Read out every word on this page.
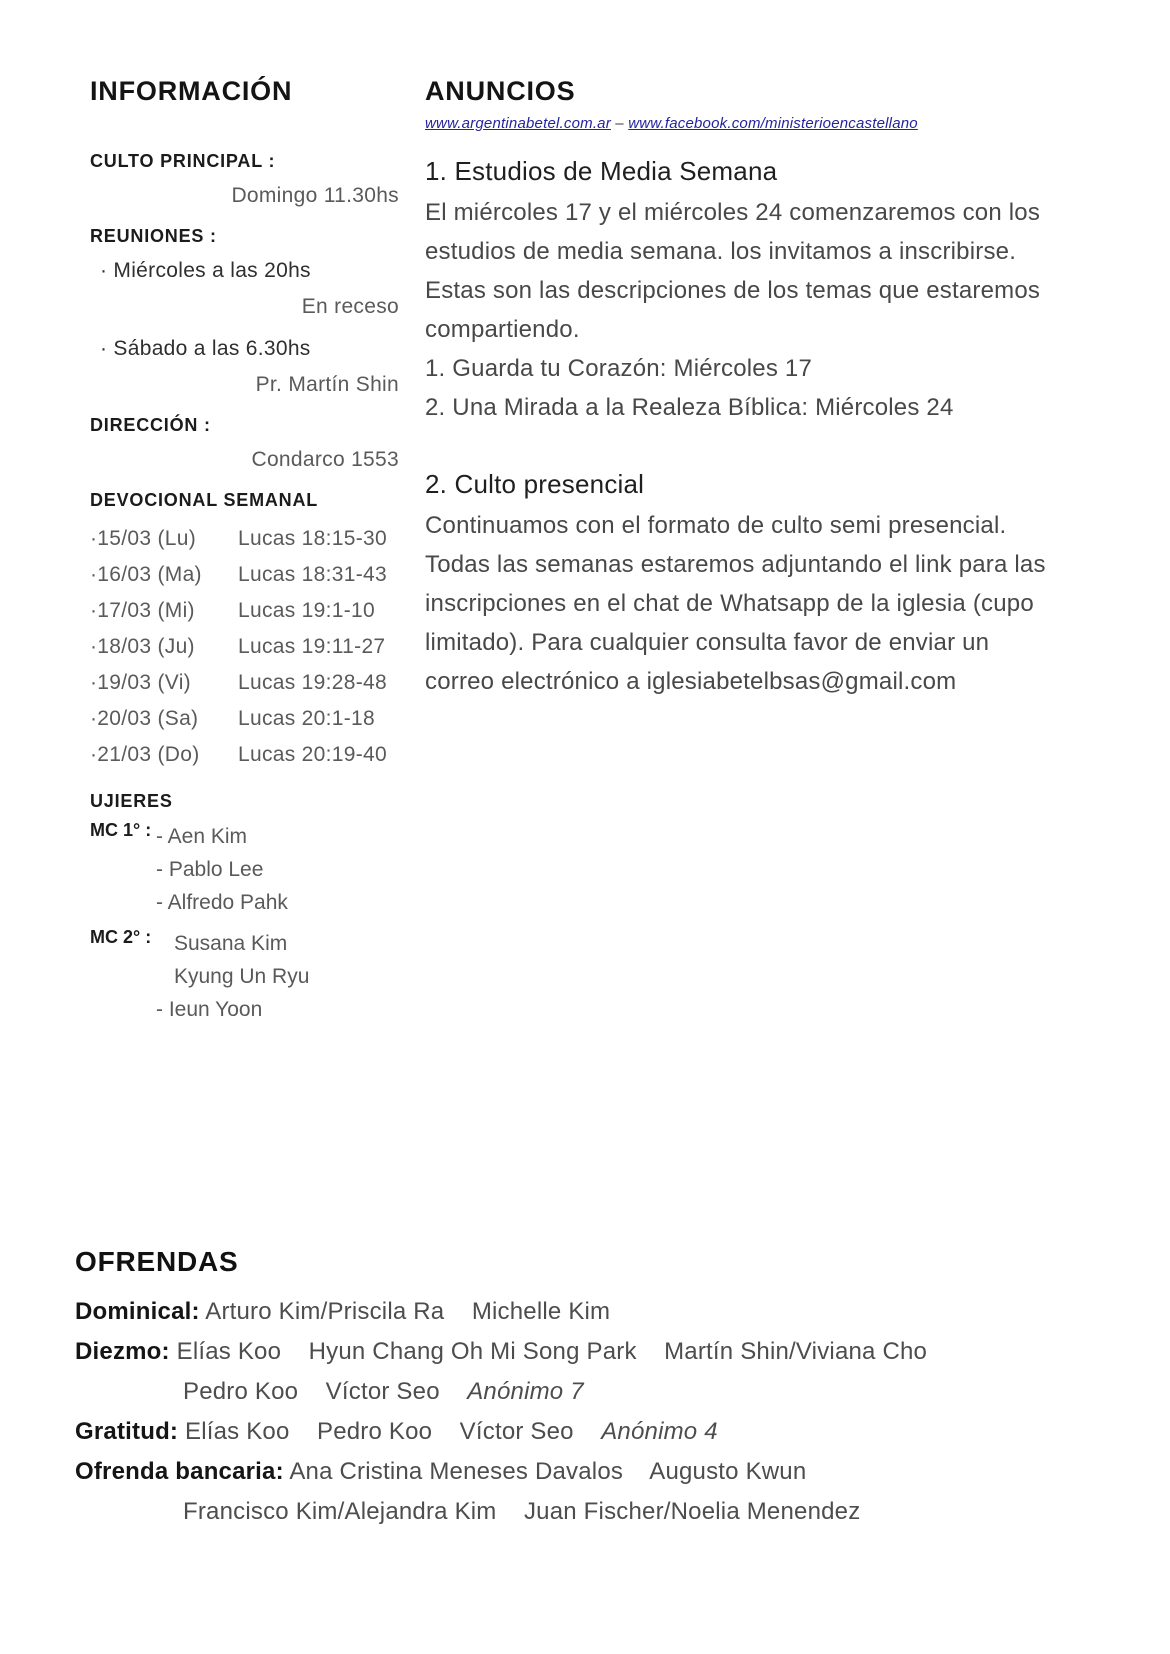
INFORMACIÓN
CULTO PRINCIPAL :
Domingo 11.30hs
REUNIONES :
· Miércoles a las 20hs
En receso
· Sábado a las 6.30hs
Pr. Martín Shin
DIRECCIÓN :
Condarco 1553
DEVOCIONAL SEMANAL
·15/03 (Lu)	Lucas 18:15-30
·16/03 (Ma)	Lucas 18:31-43
·17/03 (Mi)	Lucas 19:1-10
·18/03 (Ju)	Lucas 19:11-27
·19/03 (Vi)	Lucas 19:28-48
·20/03 (Sa)	Lucas 20:1-18
·21/03 (Do)	Lucas 20:19-40
UJIERES
MC 1° : - Aen Kim
- Pablo Lee
- Alfredo Pahk
MC 2° : Susana Kim
Kyung Un Ryu
- Ieun Yoon
ANUNCIOS
www.argentinabetel.com.ar – www.facebook.com/ministerioencastellano
1. Estudios de Media Semana
El miércoles 17 y el miércoles 24 comenzaremos con los estudios de media semana. los invitamos a inscribirse.
Estas son las descripciones de los temas que estaremos compartiendo.
1. Guarda tu Corazón: Miércoles 17
2. Una Mirada a la Realeza Bíblica: Miércoles 24
2. Culto presencial
Continuamos con el formato de culto semi presencial. Todas las semanas estaremos adjuntando el link para las inscripciones en el chat de Whatsapp de la iglesia (cupo limitado). Para cualquier consulta favor de enviar un correo electrónico a iglesiabetelbsas@gmail.com
OFRENDAS
Dominical: Arturo Kim/Priscila Ra    Michelle Kim
Diezmo: Elías Koo    Hyun Chang Oh Mi Song Park    Martín Shin/Viviana Cho
Pedro Koo    Víctor Seo    Anónimo 7
Gratitud: Elías Koo    Pedro Koo    Víctor Seo    Anónimo 4
Ofrenda bancaria: Ana Cristina Meneses Davalos    Augusto Kwun
Francisco Kim/Alejandra Kim    Juan Fischer/Noelia Menendez
